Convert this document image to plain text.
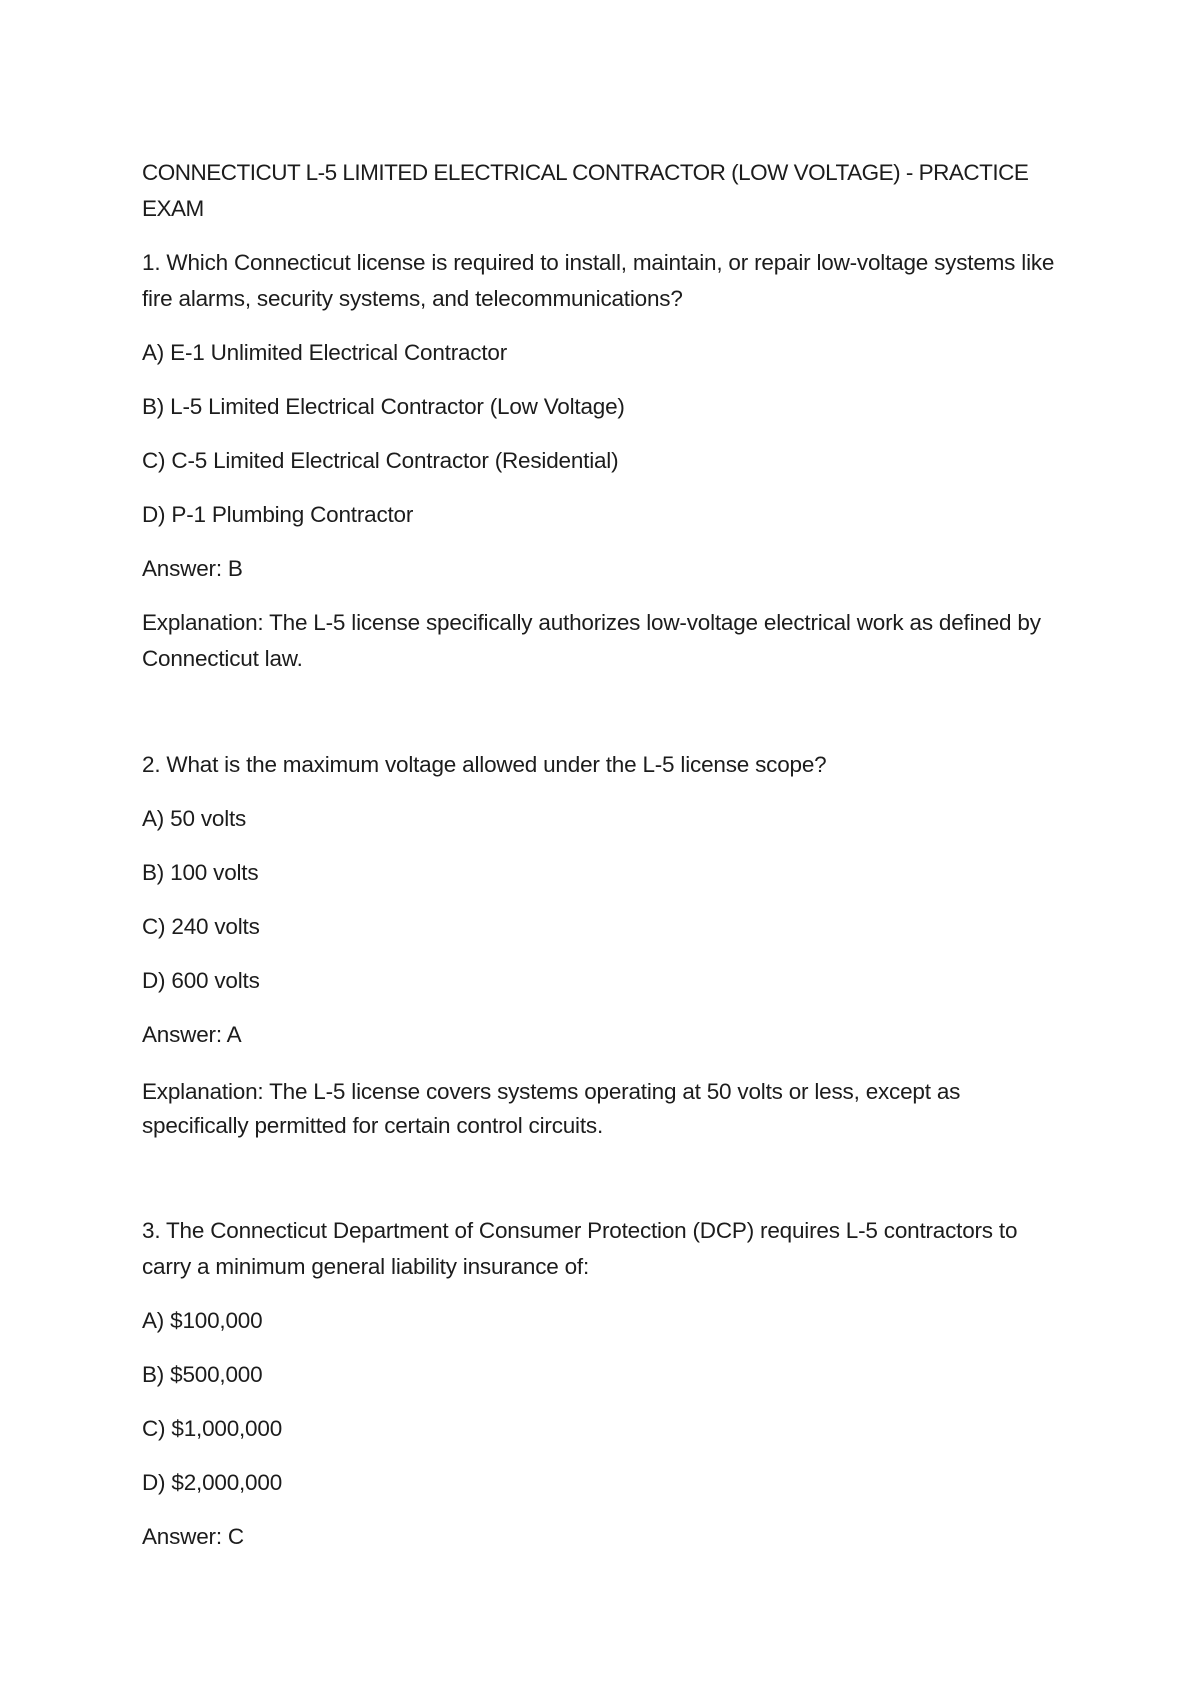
CONNECTICUT L-5 LIMITED ELECTRICAL CONTRACTOR (LOW VOLTAGE) - PRACTICE EXAM

1. Which Connecticut license is required to install, maintain, or repair low-voltage systems like fire alarms, security systems, and telecommunications?

A) E-1 Unlimited Electrical Contractor

B) L-5 Limited Electrical Contractor (Low Voltage)

C) C-5 Limited Electrical Contractor (Residential)

D) P-1 Plumbing Contractor

Answer: B

Explanation: The L-5 license specifically authorizes low-voltage electrical work as defined by Connecticut law.

2. What is the maximum voltage allowed under the L-5 license scope?

A) 50 volts

B) 100 volts

C) 240 volts

D) 600 volts

Answer: A

Explanation: The L-5 license covers systems operating at 50 volts or less, except as specifically permitted for certain control circuits.

3. The Connecticut Department of Consumer Protection (DCP) requires L-5 contractors to carry a minimum general liability insurance of:

A) $100,000

B) $500,000

C) $1,000,000

D) $2,000,000

Answer: C
